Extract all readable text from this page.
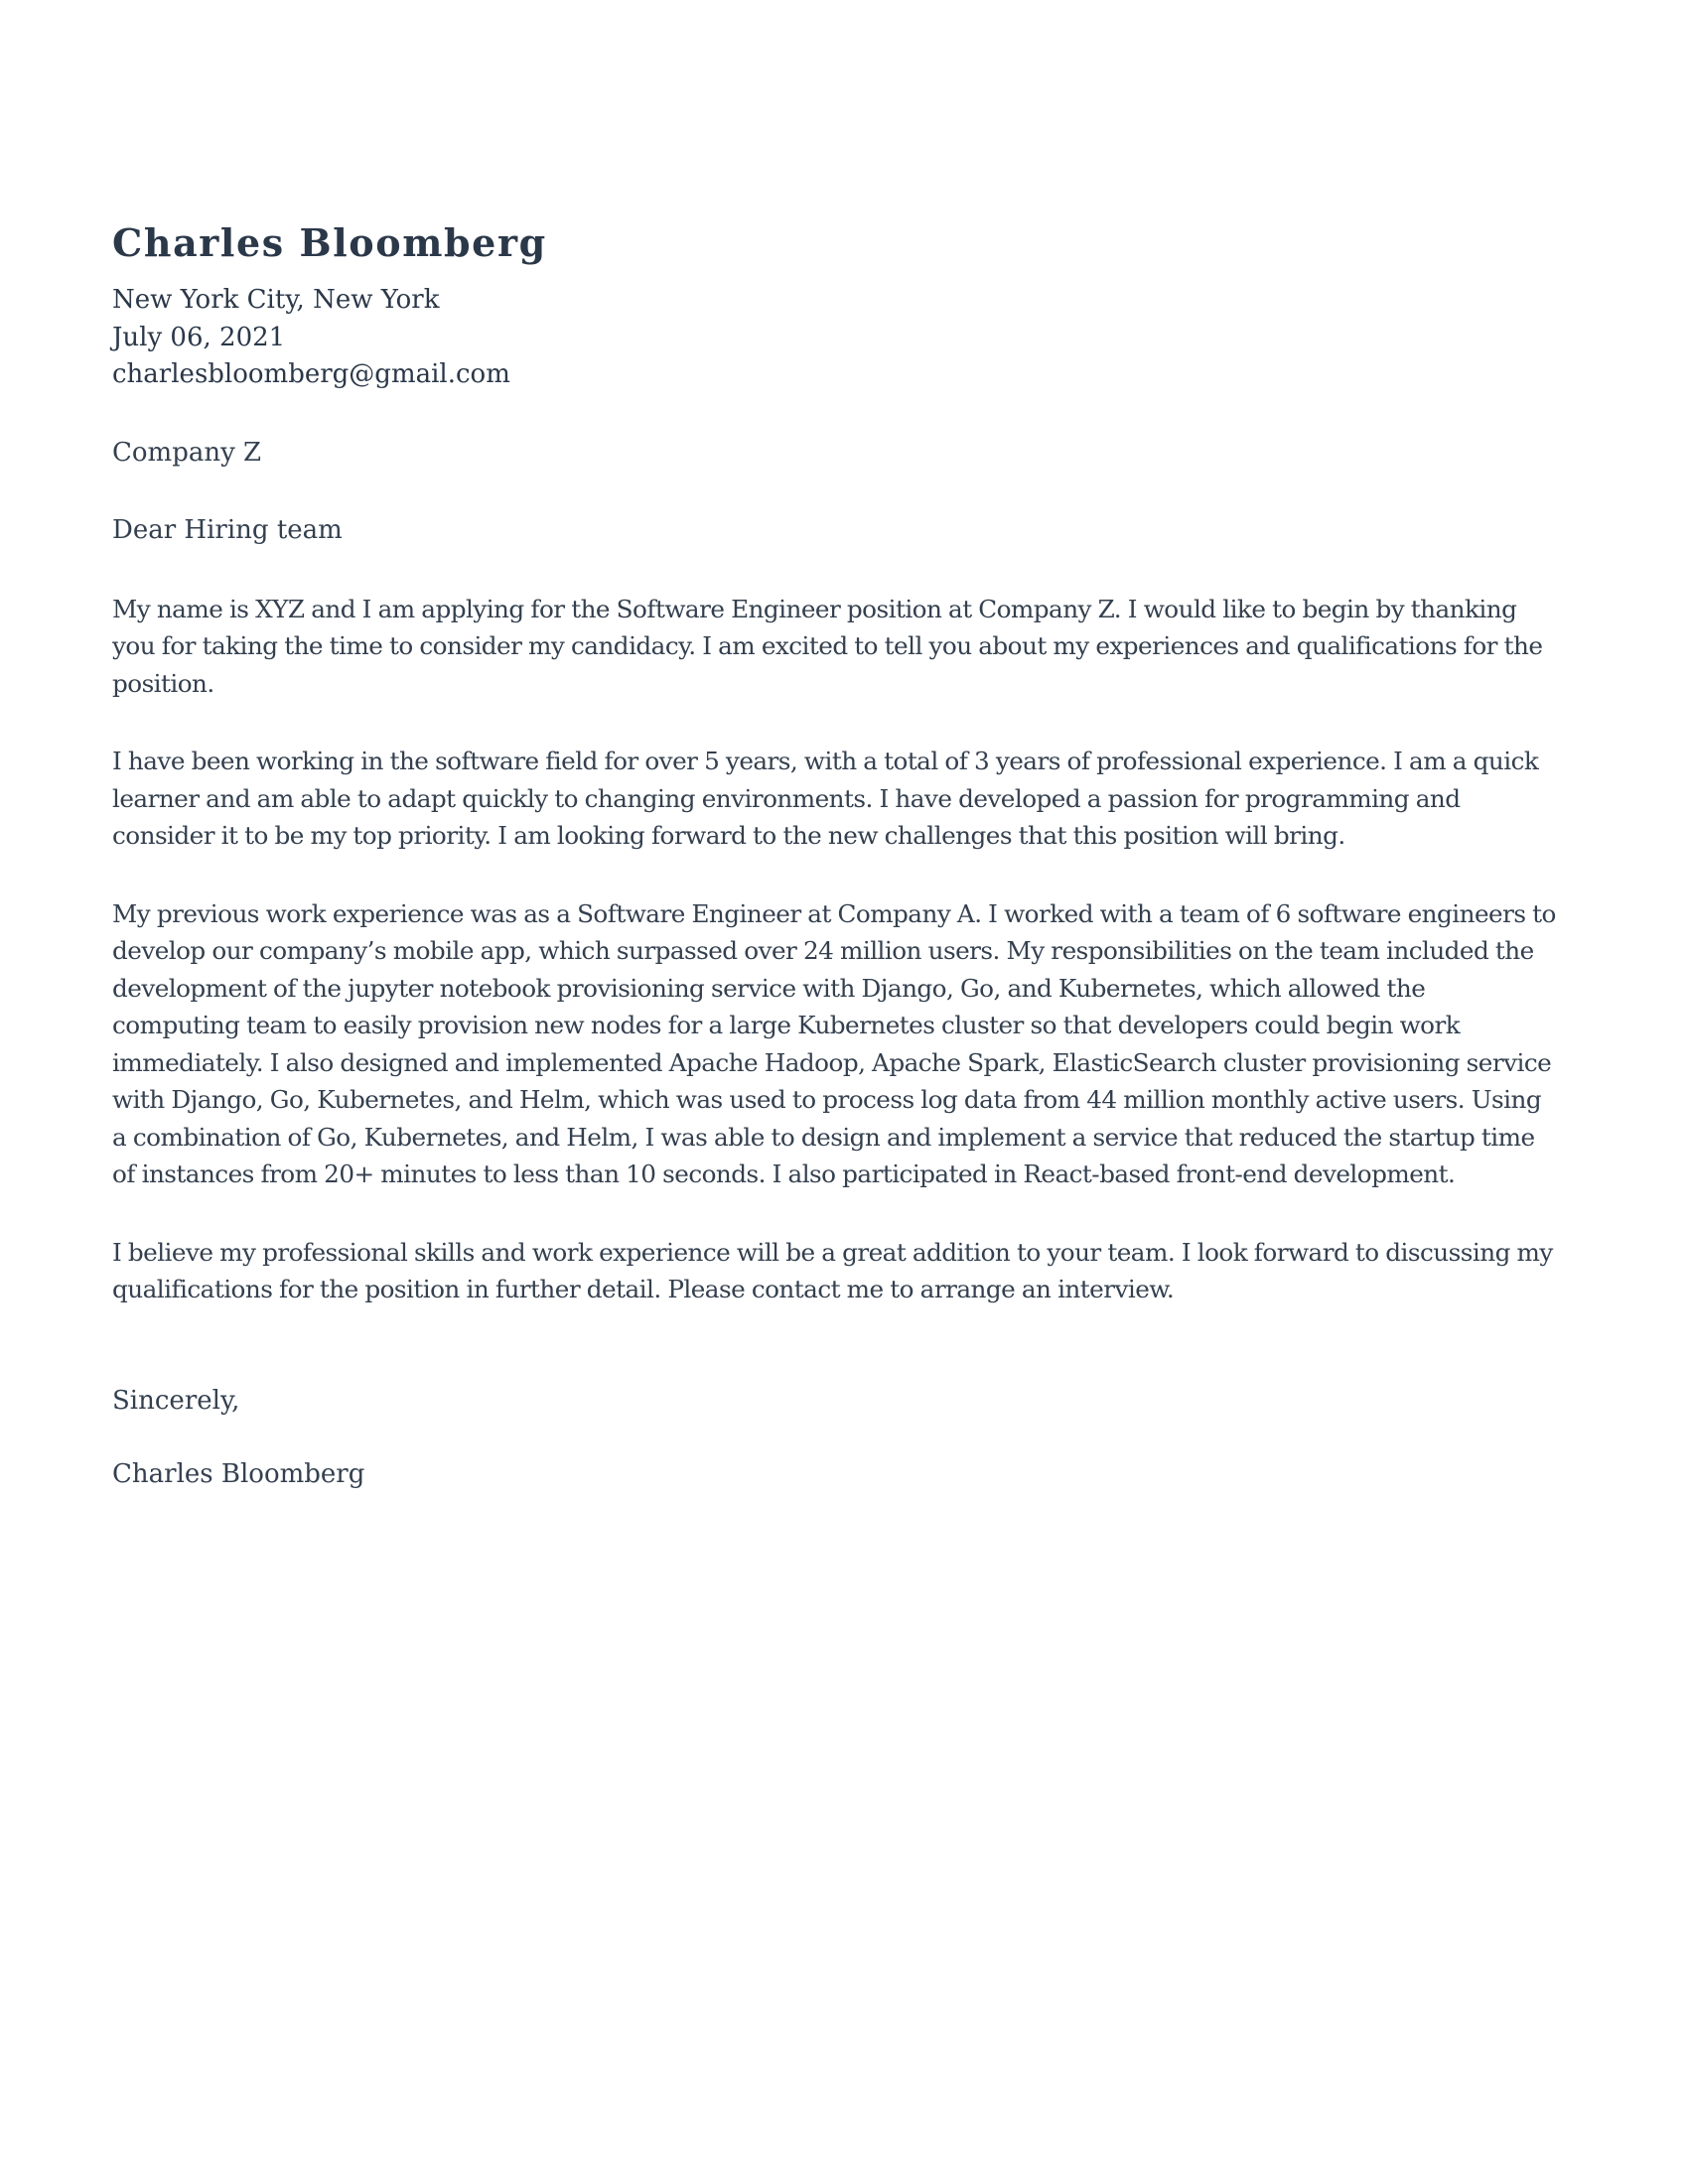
Charles Bloomberg
New York City, New York
July 06, 2021
charlesbloomberg@gmail.com
Company Z
Dear Hiring team

My name is XYZ and I am applying for the Software Engineer position at Company Z. I would like to begin by thanking
you for taking the time to consider my candidacy. I am excited to tell you about my experiences and qualifications for the
position.

I have been working in the software field for over 5 years, with a total of 3 years of professional experience. I am a quick
learner and am able to adapt quickly to changing environments. I have developed a passion for programming and
consider it to be my top priority. I am looking forward to the new challenges that this position will bring.

My previous work experience was as a Software Engineer at Company A. I worked with a team of 6 software engineers to
develop our company’s mobile app, which surpassed over 24 million users. My responsibilities on the team included the
development of the jupyter notebook provisioning service with Django, Go, and Kubernetes, which allowed the
computing team to easily provision new nodes for a large Kubernetes cluster so that developers could begin work
immediately. I also designed and implemented Apache Hadoop, Apache Spark, ElasticSearch cluster provisioning service
with Django, Go, Kubernetes, and Helm, which was used to process log data from 44 million monthly active users. Using
a combination of Go, Kubernetes, and Helm, I was able to design and implement a service that reduced the startup time
of instances from 20+ minutes to less than 10 seconds. I also participated in React-based front-end development.

I believe my professional skills and work experience will be a great addition to your team. I look forward to discussing my
qualifications for the position in further detail. Please contact me to arrange an interview.

Sincerely,
Charles Bloomberg
